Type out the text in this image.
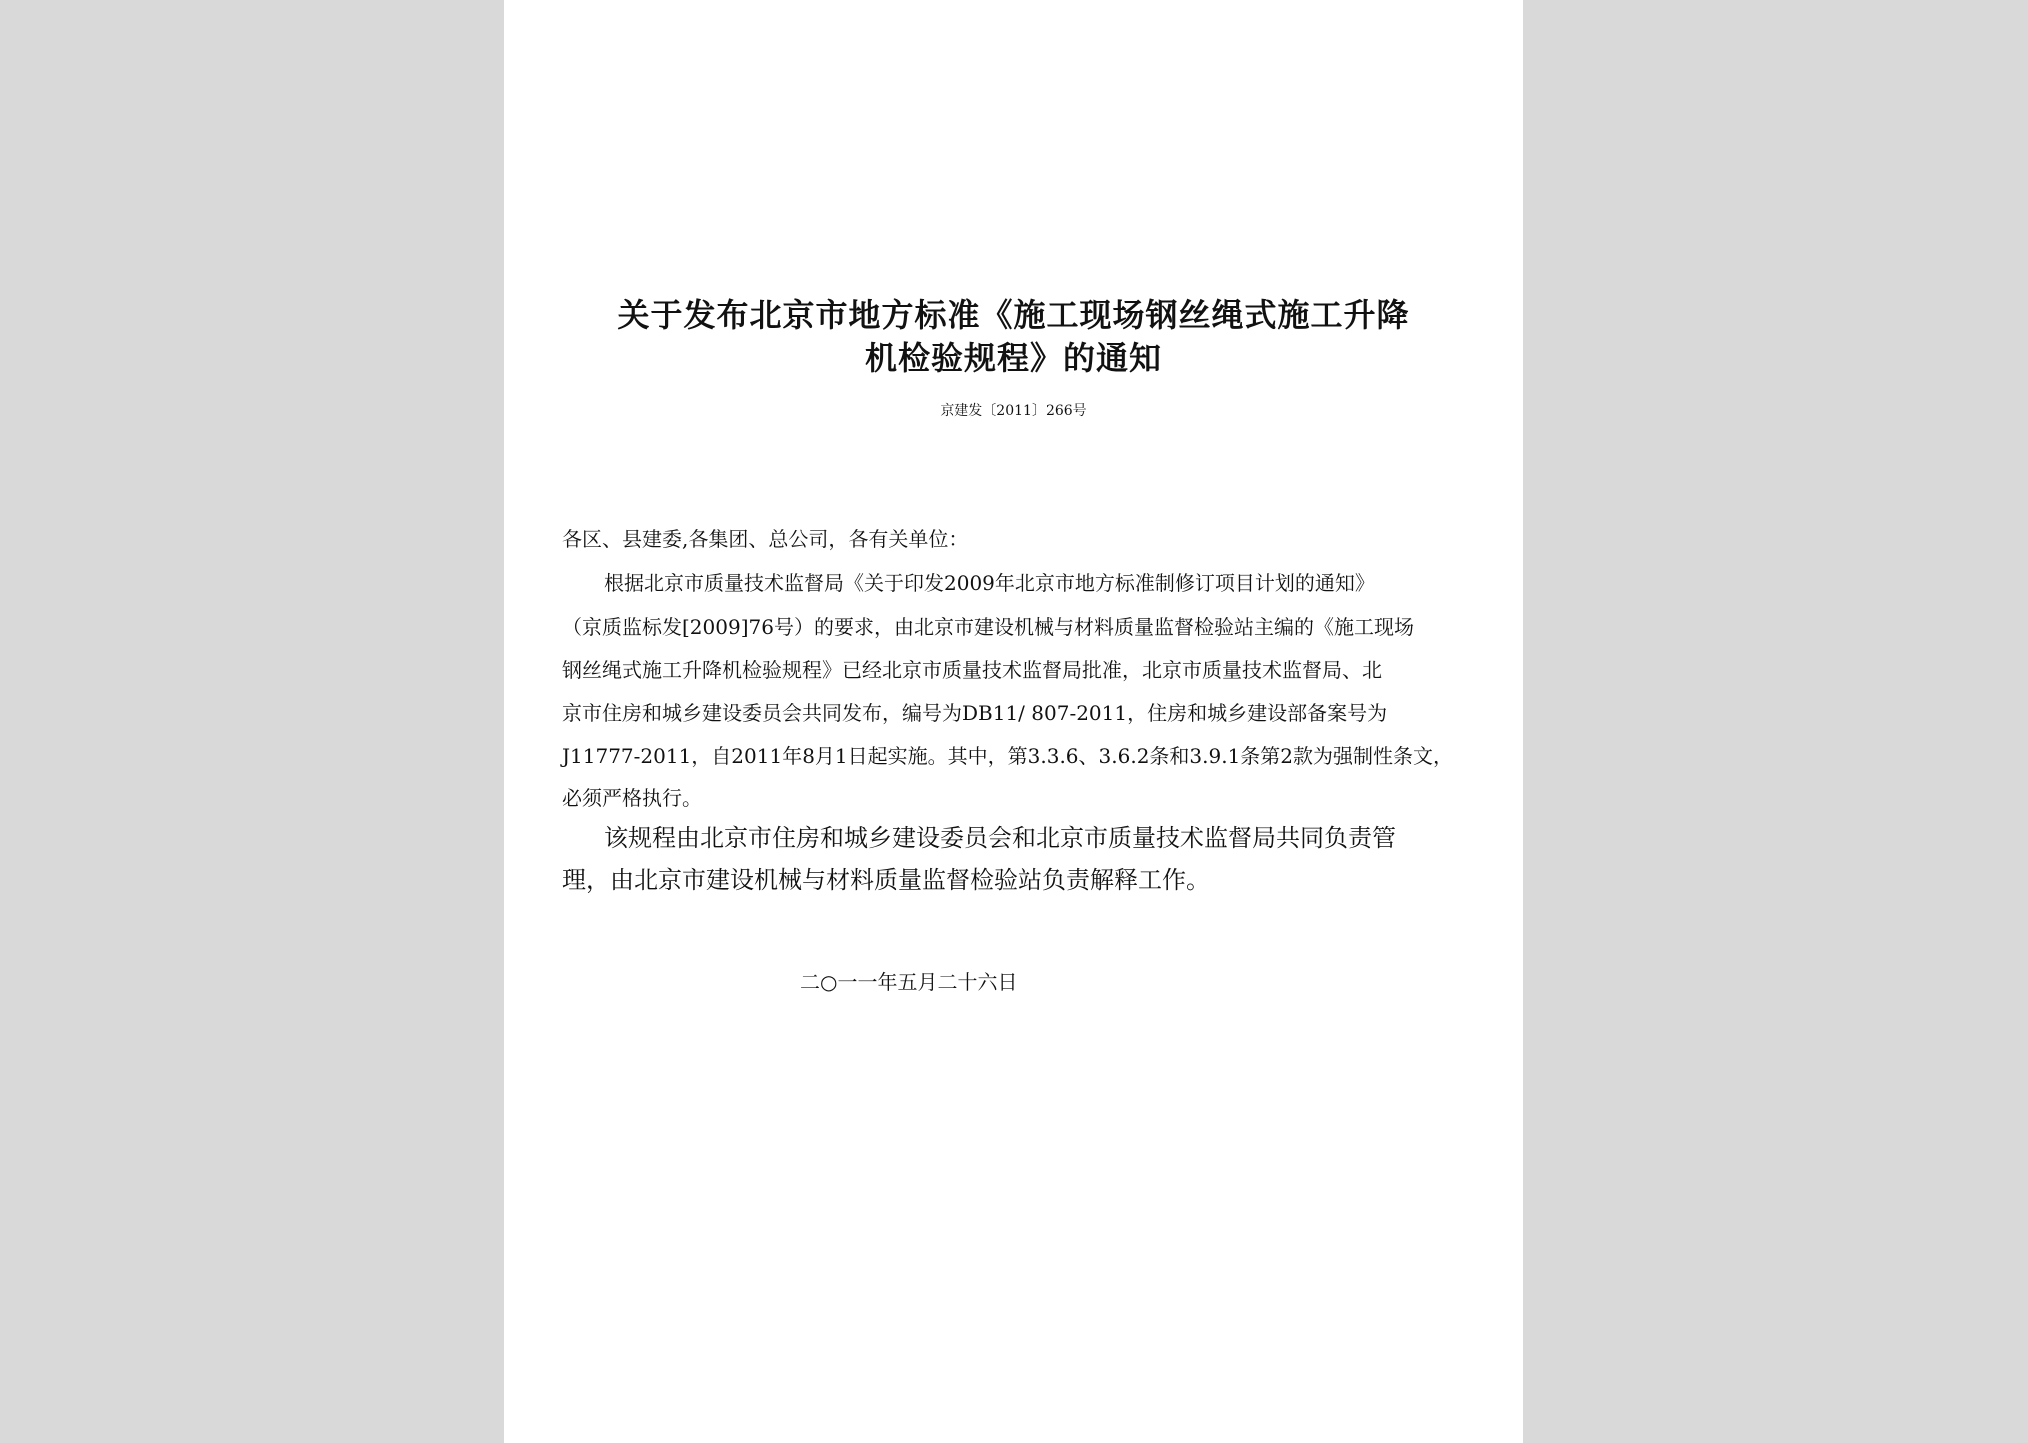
关于发布北京市地方标准《施工现场钢丝绳式施工升降
机检验规程》的通知
京建发〔2011〕266号
各区、县建委,各集团、总公司，各有关单位：
根据北京市质量技术监督局《关于印发2009年北京市地方标准制修订项目计划的通知》
（京质监标发[2009]76号）的要求，由北京市建设机械与材料质量监督检验站主编的《施工现场
钢丝绳式施工升降机检验规程》已经北京市质量技术监督局批准，北京市质量技术监督局、北
京市住房和城乡建设委员会共同发布，编号为DB11/ 807-2011，住房和城乡建设部备案号为
J11777-2011，自2011年8月1日起实施。其中，第3.3.6、3.6.2条和3.9.1条第2款为强制性条文，
必须严格执行。
该规程由北京市住房和城乡建设委员会和北京市质量技术监督局共同负责管
理，由北京市建设机械与材料质量监督检验站负责解释工作。
二○一一年五月二十六日
